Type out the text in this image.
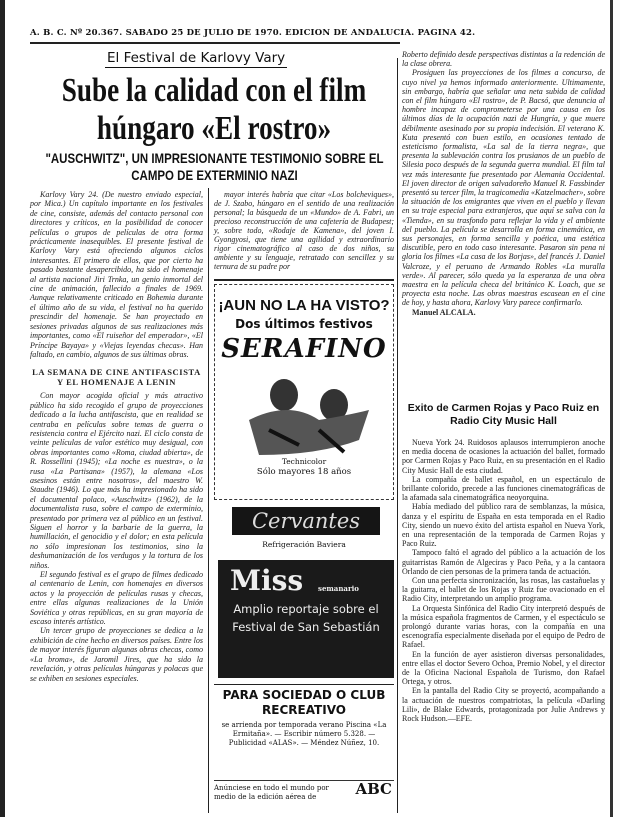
A. B. C. Nº 20.367. SABADO 25 DE JULIO DE 1970. EDICION DE ANDALUCIA. PAGINA 42.
El Festival de Karlovy Vary
Sube la calidad con el film
húngaro «El rostro»
"AUSCHWITZ", UN IMPRESIONANTE TESTIMONIO SOBRE EL CAMPO DE EXTERMINIO NAZI

Karlovy Vary 24. (De nuestro enviado especial, por Mica.) Un capítulo importante en los festivales de cine, consiste, además del contacto personal con directores y críticos, en la posibilidad de conocer películas o grupos de películas de otra forma prácticamente inasequibles. El presente festival de Karlovy Vary está ofreciendo algunos ciclos interesantes. El primero de ellos, que por cierto ha pasado bastante desapercibido, ha sido el homenaje al artista nacional Jiri Trnka, un genio inmortal del cine de animación, fallecido a finales de 1969. Aunque relativamente criticado en Bohemia durante el último año de su vida, el festival no ha querido prescindir del homenaje. Se han proyectado en sesiones privadas algunos de sus realizaciones más importantes, como «El ruiseñor del emperador», «El Príncipe Bayaya» y «Viejas leyendas checas». Han faltado, en cambio, algunos de sus últimas obras.

LA SEMANA DE CINE ANTIFASCISTA
Y EL HOMENAJE A LENIN

Con mayor acogida oficial y más atractivo público ha sido recogido el grupo de proyecciones dedicado a la lucha antifascista, que en realidad se centraba en películas sobre temas de guerra o resistencia contra el Ejército nazi. El ciclo consta de veinte películas de valor estético muy desigual, con obras importantes como «Roma, ciudad abierta», de R. Rossellini (1945); «La noche es nuestra», o la rusa «La Partisana» (1957), la alemana «Los asesinos están entre nosotros», del maestro W. Staudte (1946). Lo que más ha impresionado ha sido el documental polaco, «Auschwitz» (1962), de la documentalista rusa, sobre el campo de exterminio, presentado por primera vez al público en un festival. Siguen el horror y la barbarie de la guerra, la humillación, el genocidio y el dolor; en esta película no sólo impresionan los testimonios, sino la deshumanización de los verdugos y la tortura de los niños.

El segundo festival es el grupo de filmes dedicado al centenario de Lenin, con homenajes en diversos actos y la proyección de películas rusas y checas, entre ellas algunas realizaciones de la Unión Soviética y otras repúblicas, en su gran mayoría de escaso interés artístico.

Un tercer grupo de proyecciones se dedica a la exhibición de cine hecho en diversos países. Entre los de mayor interés figuran algunas obras checas, como «La broma», de Jaromil Jires, que ha sido la revelación, y otras películas húngaras y polacas que se exhiben en sesiones especiales.

mayor interés habría que citar «Los bolcheviques», de J. Szabo, húngaro en el sentido de una realización personal; la búsqueda de un «Mundo» de A. Fabri, un precioso reconstrucción de una cafetería de Budapest; y, sobre todo, «Rodaje de Kamena», del joven I. Gyongyosi, que tiene una agilidad y extraordinario rigor cinematográfico al caso de dos niños, su ambiente y su lenguaje, retratado con sencillez y su ternura de su padre por

¡AUN NO LA HA VISTO?
Dos últimos festivos
SERAFINO
Technicolor
Sólo mayores 18 años
Cervantes
Refrigeración Baviera
Miss semanario
Amplio reportaje sobre el Festival de San Sebastián
PARA SOCIEDAD O CLUB RECREATIVO
se arrienda por temporada verano Piscina «La Ermitaña». — Escribir número 5.328. — Publicidad «ALAS». — Méndez Núñez, 10.
Anúnciese en todo el mundo por medio de la edición aérea de	ABC

Roberto definido desde perspectivas distintas a la redención de la clase obrera.

Prosiguen las proyecciones de los filmes a concurso, de cuyo nivel ya hemos informado anteriormente. Ultimamente, sin embargo, habría que señalar una neta subida de calidad con el film húngaro «El rostro», de P. Bacsó, que denuncia al hombre incapaz de comprometerse por una causa en los últimos días de la ocupación nazi de Hungría, y que muere débilmente asesinado por su propia indecisión. El veterano K. Kuta presentó con buen estilo, en ocasiones tentado de esteticismo formalista, «La sal de la tierra negra», que presenta la sublevación contra los prusianos de un pueblo de Silesia poco después de la segunda guerra mundial. El film tal vez más interesante fue presentado por Alemania Occidental. El joven director de origen salvadoreño Manuel R. Fassbinder presentó su tercer film, la tragicomedia «Katzelmacher», sobre la situación de los emigrantes que viven en el pueblo y llevan en su traje especial para extranjeros, que aquí se salva con la «Tienda», en su trasfondo para reflejar la vida y el ambiente del pueblo. La película se desarrolla en forma cinemática, en sus personajes, en forma sencilla y poética, una estética discutible, pero en todo caso interesante. Pasaron sin pena ni gloria los filmes «La casa de los Borjas», del francés J. Daniel Valcroze, y el peruano de Armando Robles «La muralla verde». Al parecer, sólo queda ya la esperanza de una obra maestra en la película checa del británico K. Loach, que se proyecta esta noche. Las obras maestras escasean en el cine de hoy, y hasta ahora, Karlovy Vary parece confirmarlo.

Manuel ALCALA.

Exito de Carmen Rojas y Paco Ruiz en Radio City Music Hall

Nueva York 24. Ruidosos aplausos interrumpieron anoche en media docena de ocasiones la actuación del ballet, formado por Carmen Rojas y Paco Ruiz, en su presentación en el Radio City Music Hall de esta ciudad.

La compañía de ballet español, en un espectáculo de brillante colorido, precede a las funciones cinematográficas de la afamada sala cinematográfica neoyorquina.

Había mediado del público rara de semblanzas, la música, danza y el espíritu de España en esta temporada en el Radio City, siendo un nuevo éxito del artista español en Nueva York, en una representación de la temporada de Carmen Rojas y Paco Ruiz.

Tampoco faltó el agrado del público a la actuación de los guitarristas Ramón de Algeciras y Paco Peña, y a la cantaora Orlando de cien personas de la primera tanda de actuación.

Con una perfecta sincronización, las rosas, las castañuelas y la guitarra, el ballet de los Rojas y Ruiz fue ovacionado en el Radio City, interpretando un amplio programa.

La Orquesta Sinfónica del Radio City interpretó después de la música española fragmentos de Carmen, y el espectáculo se prolongó durante varias horas, con la compañía en una escenografía especialmente diseñada por el equipo de Pedro de Rafael.

En la función de ayer asistieron diversas personalidades, entre ellas el doctor Severo Ochoa, Premio Nobel, y el director de la Oficina Nacional Española de Turismo, don Rafael Ortega, y otros.

En la pantalla del Radio City se proyectó, acompañando a la actuación de nuestros compatriotas, la película «Darling Lili», de Blake Edwards, protagonizada por Julie Andrews y Rock Hudson.—EFE.
